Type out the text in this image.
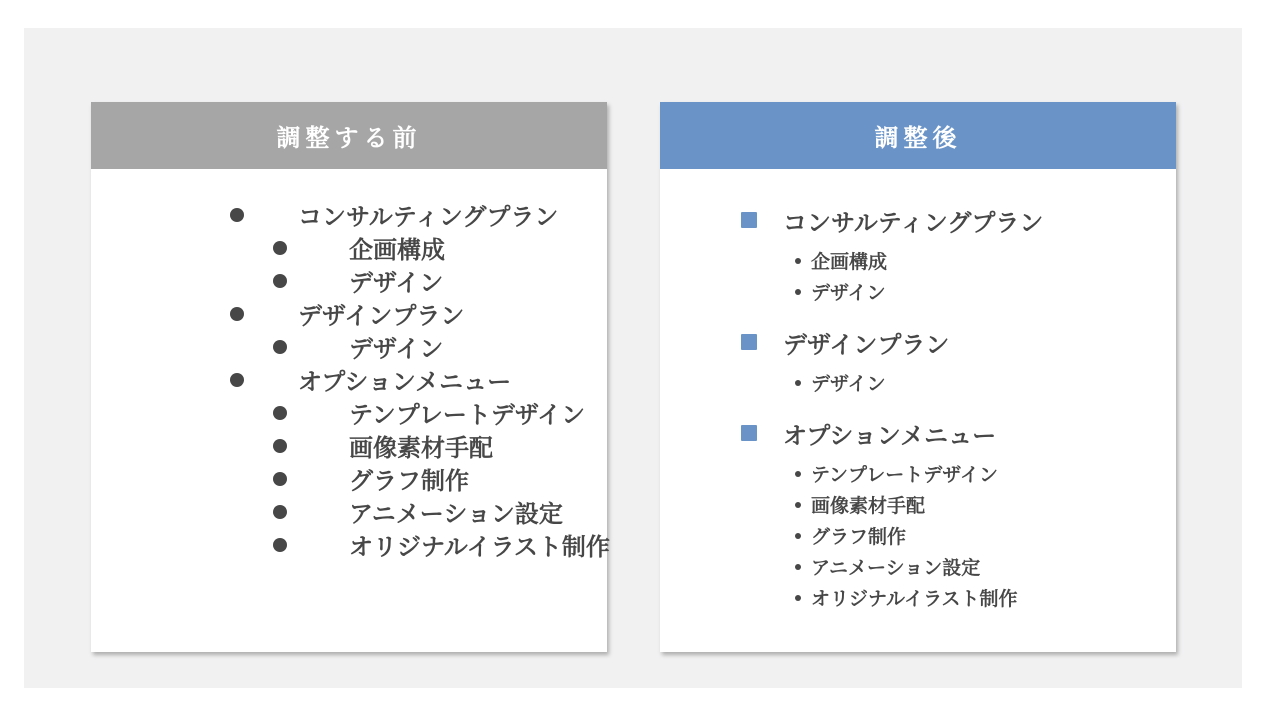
調整する前
コンサルティングプラン
企画構成
デザイン
デザインプラン
デザイン
オプションメニュー
テンプレートデザイン
画像素材手配
グラフ制作
アニメーション設定
オリジナルイラスト制作
調整後
コンサルティングプラン
企画構成
デザイン
デザインプラン
デザイン
オプションメニュー
テンプレートデザイン
画像素材手配
グラフ制作
アニメーション設定
オリジナルイラスト制作
